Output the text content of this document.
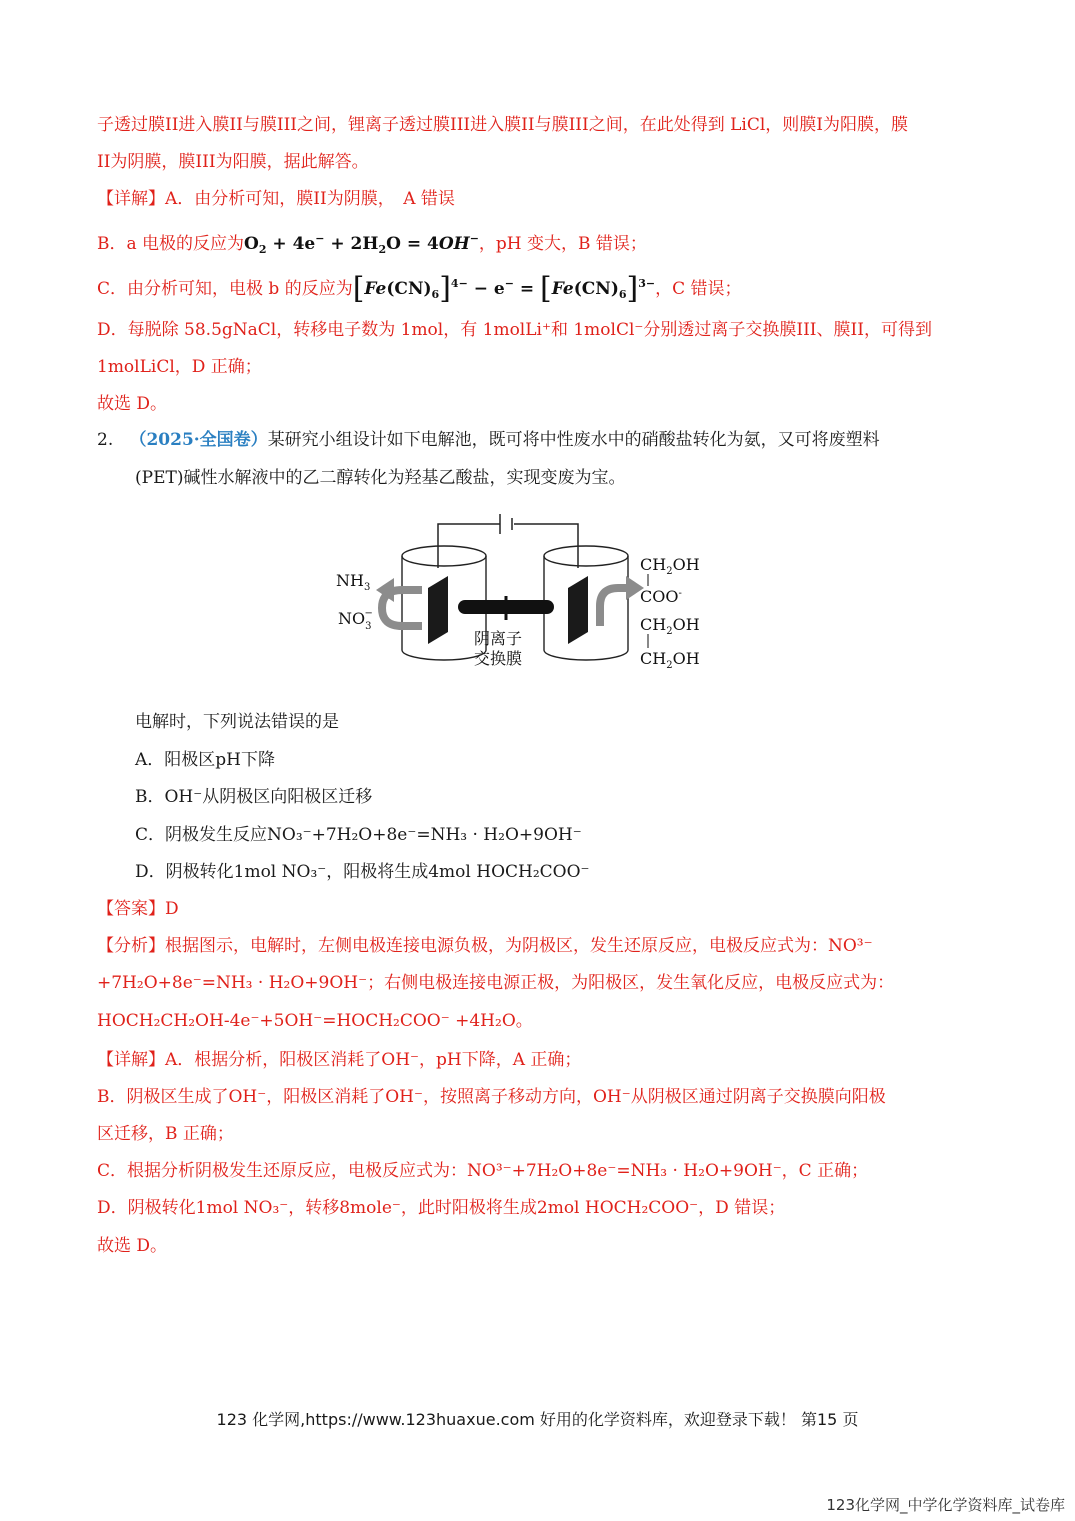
子透过膜II进入膜II与膜III之间，锂离子透过膜III进入膜II与膜III之间，在此处得到 LiCl，则膜I为阳膜，膜
II为阴膜，膜III为阳膜，据此解答。
【详解】A．由分析可知，膜II为阴膜，　A 错误
B．a 电极的反应为$O_2 + 4e^- + 2H_2O = 4OH^-$，pH 变大，B 错误；
C．由分析可知，电极 b 的反应为$[Fe(CN)_6]^{4-} - e^- = [Fe(CN)_6]^{3-}$，C 错误；
D．每脱除 58.5gNaCl，转移电子数为 1mol，有 1molLi⁺和 1molCl⁻分别透过离子交换膜III、膜II，可得到
1molLiCl，D 正确；
故选 D。
2. （2025·全国卷）某研究小组设计如下电解池，既可将中性废水中的硝酸盐转化为氨，又可将废塑料
(PET)碱性水解液中的乙二醇转化为羟基乙酸盐，实现变废为宝。
$NH_3$
$NO_3-$
阴离子
交换膜
$CH_2OH$
COO-
$CH_2OH$
$CH_2OH$
电解时，下列说法错误的是
A．阳极区pH下降
B．OH⁻从阴极区向阳极区迁移
C．阴极发生反应NO₃⁻+7H₂O+8e⁻=NH₃ · H₂O+9OH⁻
D．阴极转化1mol NO₃⁻，阳极将生成4mol HOCH₂COO⁻
【答案】D
【分析】根据图示，电解时，左侧电极连接电源负极，为阴极区，发生还原反应，电极反应式为：NO³⁻
+7H₂O+8e⁻=NH₃ · H₂O+9OH⁻；右侧电极连接电源正极，为阳极区，发生氧化反应，电极反应式为：
HOCH₂CH₂OH-4e⁻+5OH⁻=HOCH₂COO⁻ +4H₂O。
【详解】A．根据分析，阳极区消耗了OH⁻，pH下降，A 正确；
B．阴极区生成了OH⁻，阳极区消耗了OH⁻，按照离子移动方向，OH⁻从阴极区通过阴离子交换膜向阳极
区迁移，B 正确；
C．根据分析阴极发生还原反应，电极反应式为：NO³⁻+7H₂O+8e⁻=NH₃ · H₂O+9OH⁻，C 正确；
D．阴极转化1mol NO₃⁻，转移8mole⁻，此时阳极将生成2mol HOCH₂COO⁻，D 错误；
故选 D。
123 化学网,https://www.123huaxue.com 好用的化学资料库，欢迎登录下载！ 第15 页
123化学网_中学化学资料库_试卷库
